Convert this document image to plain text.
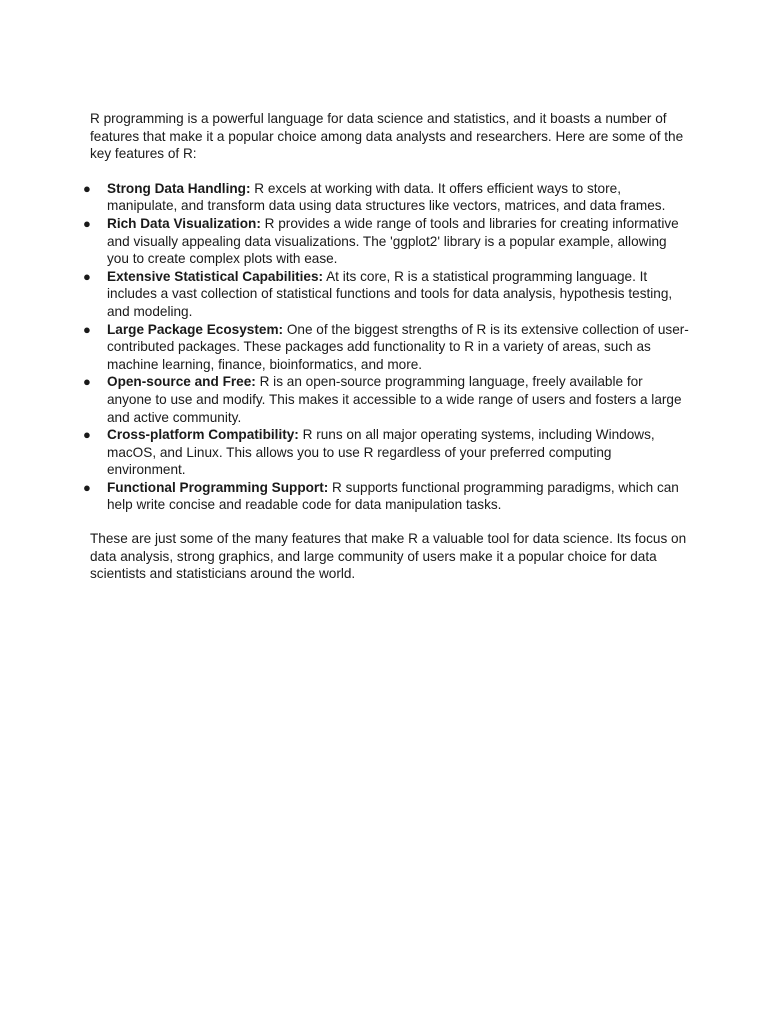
R programming is a powerful language for data science and statistics, and it boasts a number of features that make it a popular choice among data analysts and researchers. Here are some of the key features of R:

● Strong Data Handling: R excels at working with data. It offers efficient ways to store, manipulate, and transform data using data structures like vectors, matrices, and data frames.
● Rich Data Visualization: R provides a wide range of tools and libraries for creating informative and visually appealing data visualizations. The 'ggplot2' library is a popular example, allowing you to create complex plots with ease.
● Extensive Statistical Capabilities: At its core, R is a statistical programming language. It includes a vast collection of statistical functions and tools for data analysis, hypothesis testing, and modeling.
● Large Package Ecosystem: One of the biggest strengths of R is its extensive collection of user-contributed packages. These packages add functionality to R in a variety of areas, such as machine learning, finance, bioinformatics, and more.
● Open-source and Free: R is an open-source programming language, freely available for anyone to use and modify. This makes it accessible to a wide range of users and fosters a large and active community.
● Cross-platform Compatibility: R runs on all major operating systems, including Windows, macOS, and Linux. This allows you to use R regardless of your preferred computing environment.
● Functional Programming Support: R supports functional programming paradigms, which can help write concise and readable code for data manipulation tasks.

These are just some of the many features that make R a valuable tool for data science. Its focus on data analysis, strong graphics, and large community of users make it a popular choice for data scientists and statisticians around the world.
